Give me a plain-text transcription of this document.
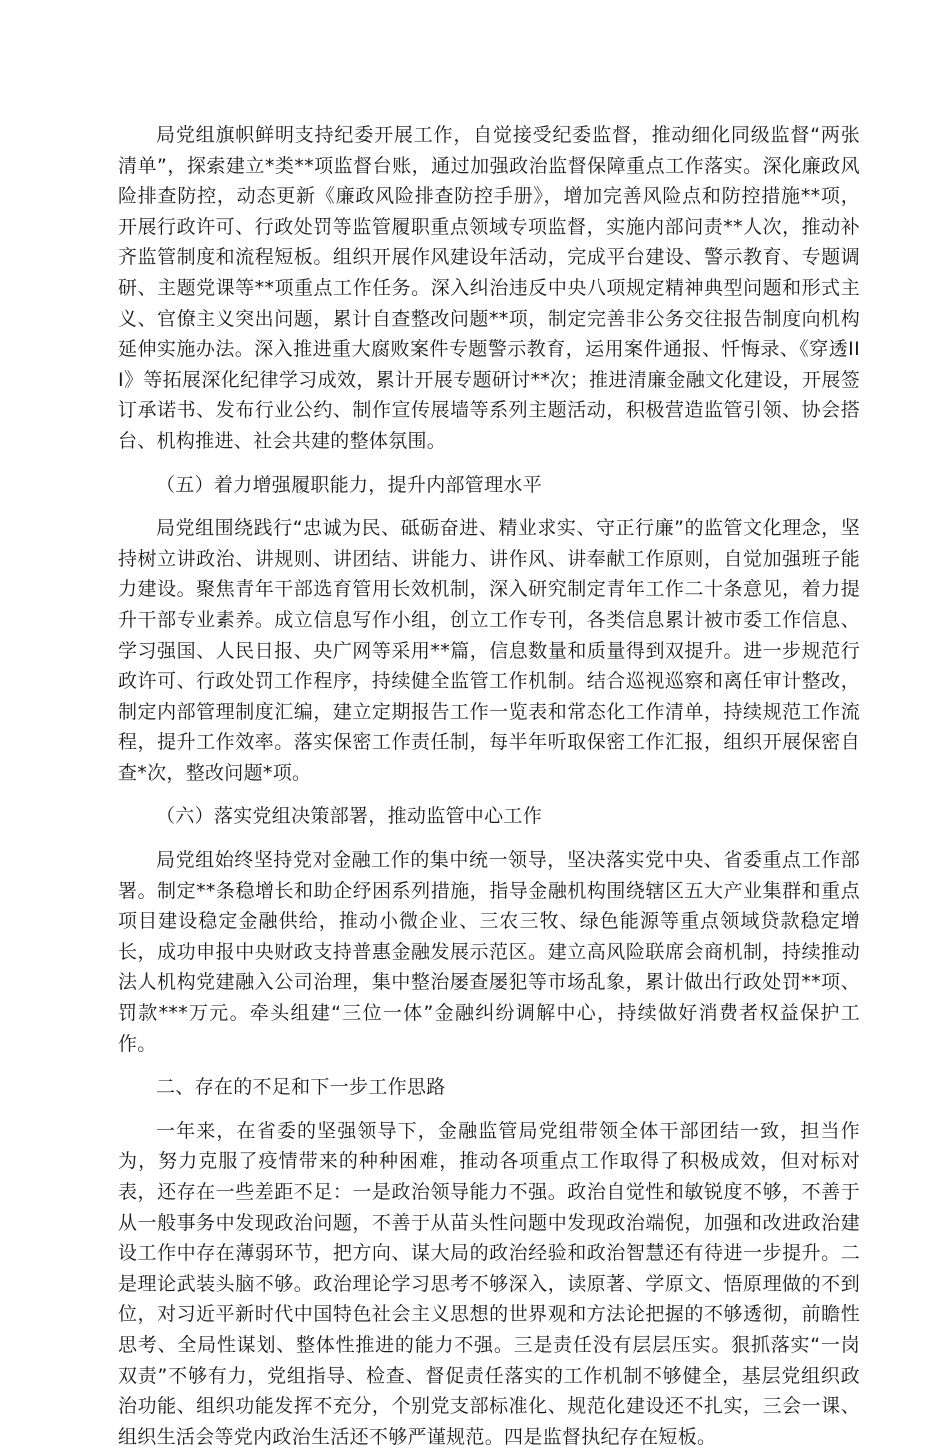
局党组旗帜鲜明支持纪委开展工作，自觉接受纪委监督，推动细化同级监督“两张清单”，探索建立*类**项监督台账，通过加强政治监督保障重点工作落实。深化廉政风险排查防控，动态更新《廉政风险排查防控手册》，增加完善风险点和防控措施**项，开展行政许可、行政处罚等监管履职重点领域专项监督，实施内部问责**人次，推动补齐监管制度和流程短板。组织开展作风建设年活动，完成平台建设、警示教育、专题调研、主题党课等**项重点工作任务。深入纠治违反中央八项规定精神典型问题和形式主义、官僚主义突出问题，累计自查整改问题**项，制定完善非公务交往报告制度向机构延伸实施办法。深入推进重大腐败案件专题警示教育，运用案件通报、忏悔录、《穿透III》等拓展深化纪律学习成效，累计开展专题研讨**次；推进清廉金融文化建设，开展签订承诺书、发布行业公约、制作宣传展墙等系列主题活动，积极营造监管引领、协会搭台、机构推进、社会共建的整体氛围。

（五）着力增强履职能力，提升内部管理水平

局党组围绕践行“忠诚为民、砥砺奋进、精业求实、守正行廉”的监管文化理念，坚持树立讲政治、讲规则、讲团结、讲能力、讲作风、讲奉献工作原则，自觉加强班子能力建设。聚焦青年干部选育管用长效机制，深入研究制定青年工作二十条意见，着力提升干部专业素养。成立信息写作小组，创立工作专刊，各类信息累计被市委工作信息、学习强国、人民日报、央广网等采用**篇，信息数量和质量得到双提升。进一步规范行政许可、行政处罚工作程序，持续健全监管工作机制。结合巡视巡察和离任审计整改，制定内部管理制度汇编，建立定期报告工作一览表和常态化工作清单，持续规范工作流程，提升工作效率。落实保密工作责任制，每半年听取保密工作汇报，组织开展保密自查*次，整改问题*项。

（六）落实党组决策部署，推动监管中心工作

局党组始终坚持党对金融工作的集中统一领导，坚决落实党中央、省委重点工作部署。制定**条稳增长和助企纾困系列措施，指导金融机构围绕辖区五大产业集群和重点项目建设稳定金融供给，推动小微企业、三农三牧、绿色能源等重点领域贷款稳定增长，成功申报中央财政支持普惠金融发展示范区。建立高风险联席会商机制，持续推动法人机构党建融入公司治理，集中整治屡查屡犯等市场乱象，累计做出行政处罚**项、罚款***万元。牵头组建“三位一体”金融纠纷调解中心，持续做好消费者权益保护工作。

二、存在的不足和下一步工作思路

一年来，在省委的坚强领导下，金融监管局党组带领全体干部团结一致，担当作为，努力克服了疫情带来的种种困难，推动各项重点工作取得了积极成效，但对标对表，还存在一些差距不足：一是政治领导能力不强。政治自觉性和敏锐度不够，不善于从一般事务中发现政治问题，不善于从苗头性问题中发现政治端倪，加强和改进政治建设工作中存在薄弱环节，把方向、谋大局的政治经验和政治智慧还有待进一步提升。二是理论武装头脑不够。政治理论学习思考不够深入，读原著、学原文、悟原理做的不到位，对习近平新时代中国特色社会主义思想的世界观和方法论把握的不够透彻，前瞻性思考、全局性谋划、整体性推进的能力不强。三是责任没有层层压实。狠抓落实“一岗双责”不够有力，党组指导、检查、督促责任落实的工作机制不够健全，基层党组织政治功能、组织功能发挥不充分，个别党支部标准化、规范化建设还不扎实，三会一课、组织生活会等党内政治生活还不够严谨规范。四是监督执纪存在短板。
